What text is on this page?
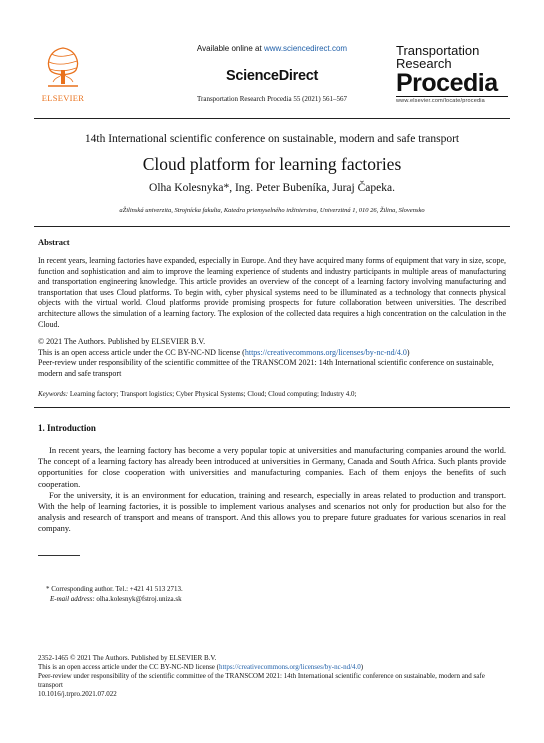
ELSEVIER
Available online at www.sciencedirect.com
ScienceDirect
Transportation Research Procedia 55 (2021) 561–567
Transportation
Research
Procedia
www.elsevier.com/locate/procedia
14th International scientific conference on sustainable, modern and safe transport
Cloud platform for learning factories
Olha Kolesnyka*, Ing. Peter Bubeníka, Juraj Čapeka.
aŽilinská univerzita, Strojnícka fakulta, Katedra priemyselného inžinierstva, Univerzitná 1, 010 26, Žilina, Slovensko
Abstract
In recent years, learning factories have expanded, especially in Europe. And they have acquired many forms of equipment that vary in size, scope, function and sophistication and aim to improve the learning experience of students and industry participants in multiple areas of manufacturing and transportation engineering knowledge. This article provides an overview of the concept of a learning factory involving manufacturing and transportation that uses Cloud platforms. To begin with, cyber physical systems need to be illuminated as a technology that connects physical objects with the virtual world. Cloud platforms provide promising prospects for future collaboration between universities. The described architecture allows the simulation of a learning factory. The explosion of the collected data requires a high concentration on the calculation in the Cloud.
© 2021 The Authors. Published by ELSEVIER B.V.
This is an open access article under the CC BY-NC-ND license (https://creativecommons.org/licenses/by-nc-nd/4.0)
Peer-review under responsibility of the scientific committee of the TRANSCOM 2021: 14th International scientific conference on sustainable, modern and safe transport
Keywords: Learning factory; Transport logistics; Cyber Physical Systems; Cloud; Cloud computing; Industry 4.0;
1. Introduction

In recent years, the learning factory has become a very popular topic at universities and manufacturing companies around the world. The concept of a learning factory has already been introduced at universities in Germany, Canada and South Africa. Such plants provide opportunities for close cooperation with universities and manufacturing companies. Each of them enjoys the benefits of such cooperation.

For the university, it is an environment for education, training and research, especially in areas related to production and transport. With the help of learning factories, it is possible to implement various analyses and scenarios not only for production but also for the analysis and research of transport and means of transport. And this allows you to prepare future graduates for various scenarios in real company.

* Corresponding author. Tel.: +421 41 513 2713.
E-mail address: olha.kolesnyk@fstroj.uniza.sk
2352-1465 © 2021 The Authors. Published by ELSEVIER B.V.
This is an open access article under the CC BY-NC-ND license (https://creativecommons.org/licenses/by-nc-nd/4.0)
Peer-review under responsibility of the scientific committee of the TRANSCOM 2021: 14th International scientific conference on sustainable, modern and safe transport
10.1016/j.trpro.2021.07.022
